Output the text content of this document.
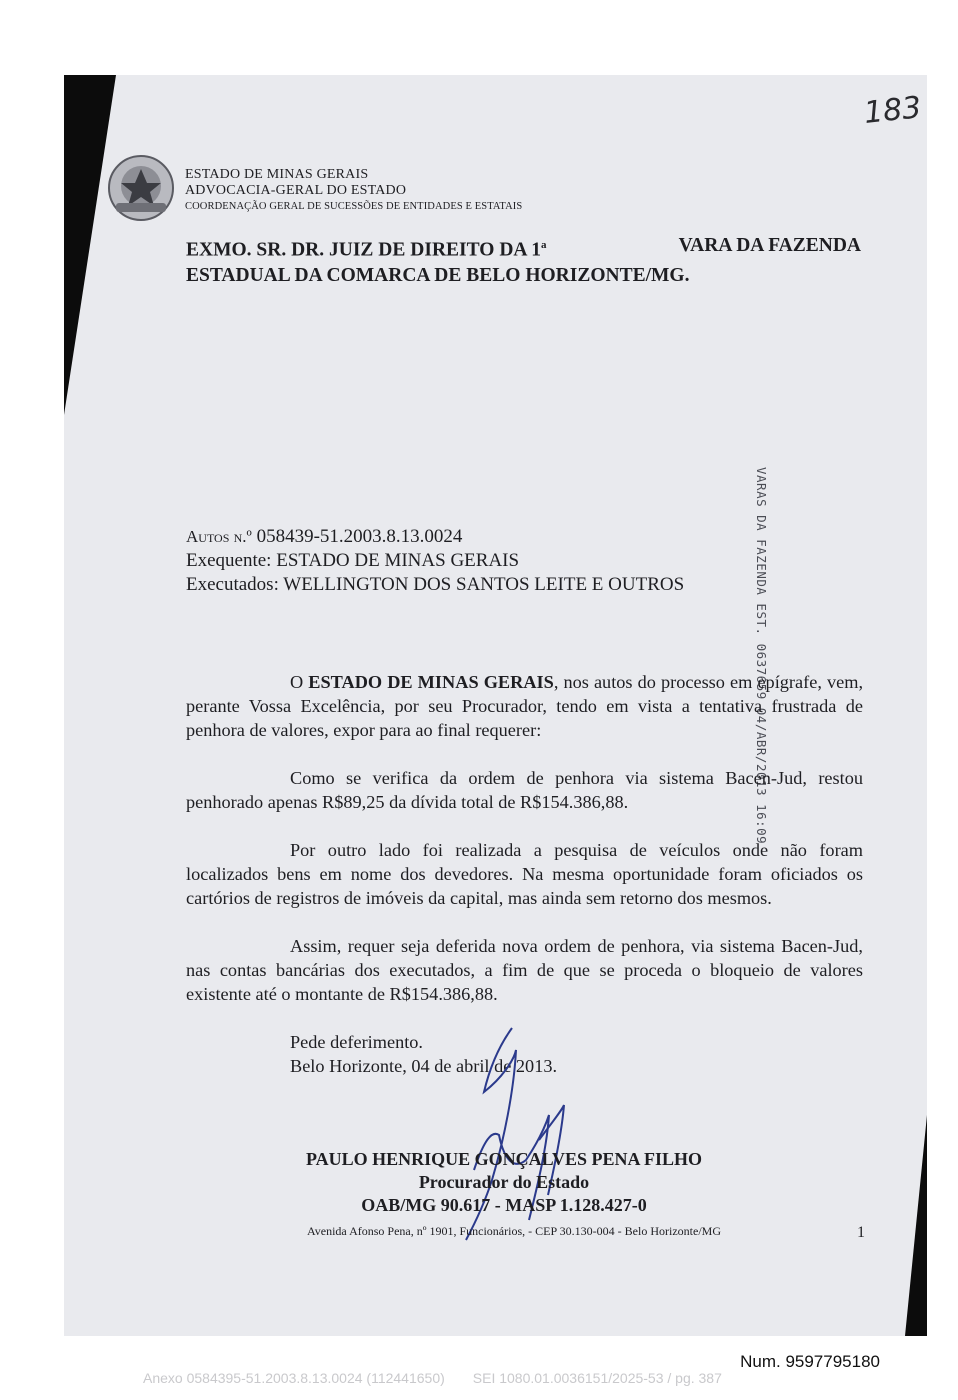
183
ESTADO DE MINAS GERAIS
ADVOCACIA-GERAL DO ESTADO
COORDENAÇÃO GERAL DE SUCESSÕES DE ENTIDADES E ESTATAIS
EXMO. SR. DR. JUIZ DE DIREITO DA 1$^a$	VARA DA FAZENDA
ESTADUAL DA COMARCA DE BELO HORIZONTE/MG.
VARAS DA FAZENDA EST. 0637659 04/ABR/2013 16:09
Autos n.º 058439-51.2003.8.13.0024
Exequente: ESTADO DE MINAS GERAIS
Executados: WELLINGTON DOS SANTOS LEITE E OUTROS
O ESTADO DE MINAS GERAIS, nos autos do processo em epígrafe, vem, perante Vossa Excelência, por seu Procurador, tendo em vista a tentativa frustrada de penhora de valores, expor para ao final requerer:
Como se verifica da ordem de penhora via sistema Bacen-Jud, restou penhorado apenas R$89,25 da dívida total de R$154.386,88.
Por outro lado foi realizada a pesquisa de veículos onde não foram localizados bens em nome dos devedores. Na mesma oportunidade foram oficiados os cartórios de registros de imóveis da capital, mas ainda sem retorno dos mesmos.
Assim, requer seja deferida nova ordem de penhora, via sistema Bacen-Jud, nas contas bancárias dos executados, a fim de que se proceda o bloqueio de valores existente até o montante de R$154.386,88.
Pede deferimento.
Belo Horizonte, 04 de abril de 2013.
PAULO HENRIQUE GONÇALVES PENA FILHO
Procurador do Estado
OAB/MG 90.617 - MASP 1.128.427-0
Avenida Afonso Pena, nº 1901, Funcionários, - CEP 30.130-004 - Belo Horizonte/MG	1
Num. 9597795180
Anexo 0584395-51.2003.8.13.0024 (112441650) SEI 1080.01.0036151/2025-53 / pg. 387
